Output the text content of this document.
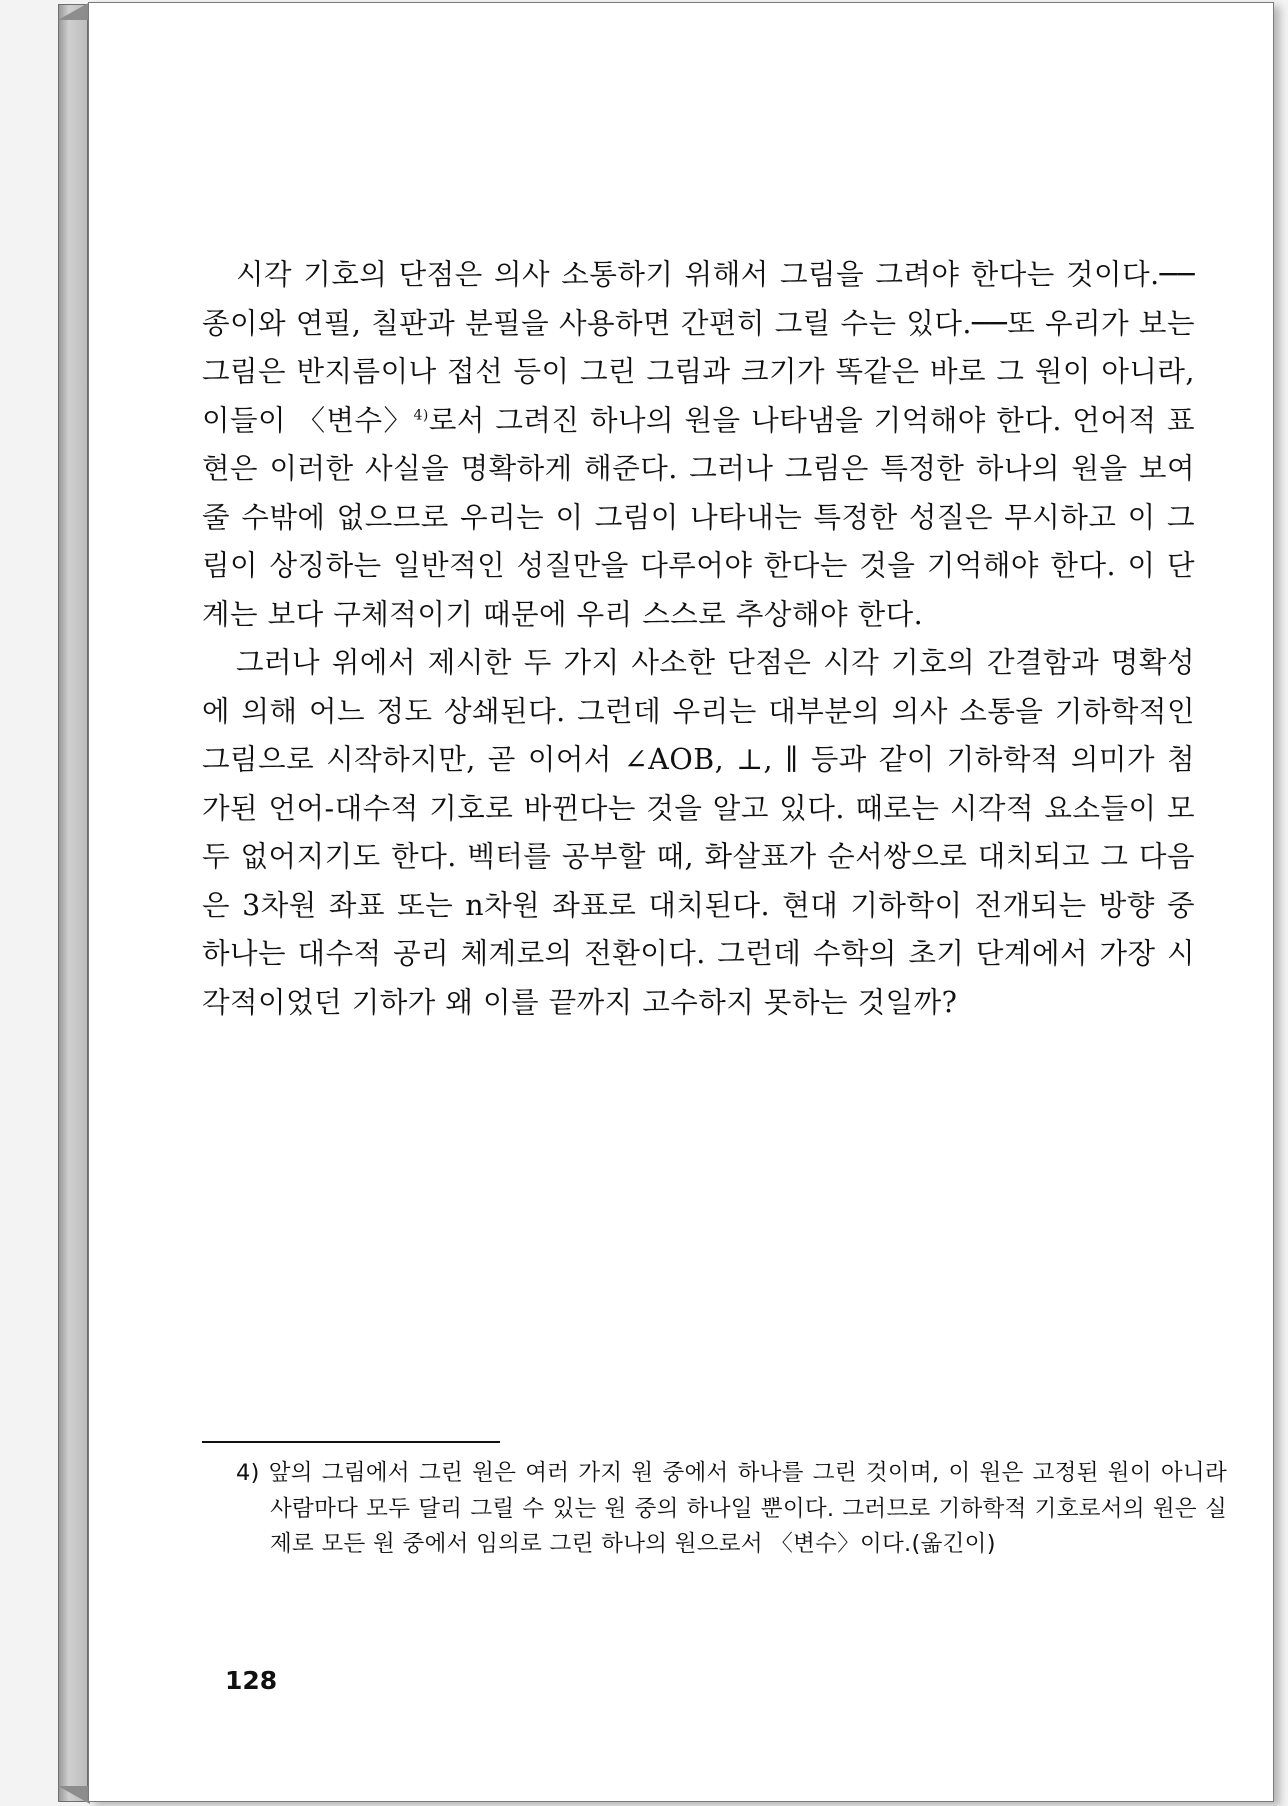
시각 기호의 단점은 의사 소통하기 위해서 그림을 그려야 한다는 것이다.──종이와 연필, 칠판과 분필을 사용하면 간편히 그릴 수는 있다.──또 우리가 보는 그림은 반지름이나 접선 등이 그린 그림과 크기가 똑같은 바로 그 원이 아니라, 이들이 〈변수〉$^{4)}$로서 그려진 하나의 원을 나타냄을 기억해야 한다. 언어적 표현은 이러한 사실을 명확하게 해준다. 그러나 그림은 특정한 하나의 원을 보여줄 수밖에 없으므로 우리는 이 그림이 나타내는 특정한 성질은 무시하고 이 그림이 상징하는 일반적인 성질만을 다루어야 한다는 것을 기억해야 한다. 이 단계는 보다 구체적이기 때문에 우리 스스로 추상해야 한다.

그러나 위에서 제시한 두 가지 사소한 단점은 시각 기호의 간결함과 명확성에 의해 어느 정도 상쇄된다. 그런데 우리는 대부분의 의사 소통을 기하학적인 그림으로 시작하지만, 곧 이어서 ∠AOB, ⊥, ∥ 등과 같이 기하학적 의미가 첨가된 언어-대수적 기호로 바뀐다는 것을 알고 있다. 때로는 시각적 요소들이 모두 없어지기도 한다. 벡터를 공부할 때, 화살표가 순서쌍으로 대치되고 그 다음은 3차원 좌표 또는 n차원 좌표로 대치된다. 현대 기하학이 전개되는 방향 중 하나는 대수적 공리 체계로의 전환이다. 그런데 수학의 초기 단계에서 가장 시각적이었던 기하가 왜 이를 끝까지 고수하지 못하는 것일까?

4) 앞의 그림에서 그린 원은 여러 가지 원 중에서 하나를 그린 것이며, 이 원은 고정된 원이 아니라 사람마다 모두 달리 그릴 수 있는 원 중의 하나일 뿐이다. 그러므로 기하학적 기호로서의 원은 실제로 모든 원 중에서 임의로 그린 하나의 원으로서 〈변수〉이다.(옮긴이)
128
